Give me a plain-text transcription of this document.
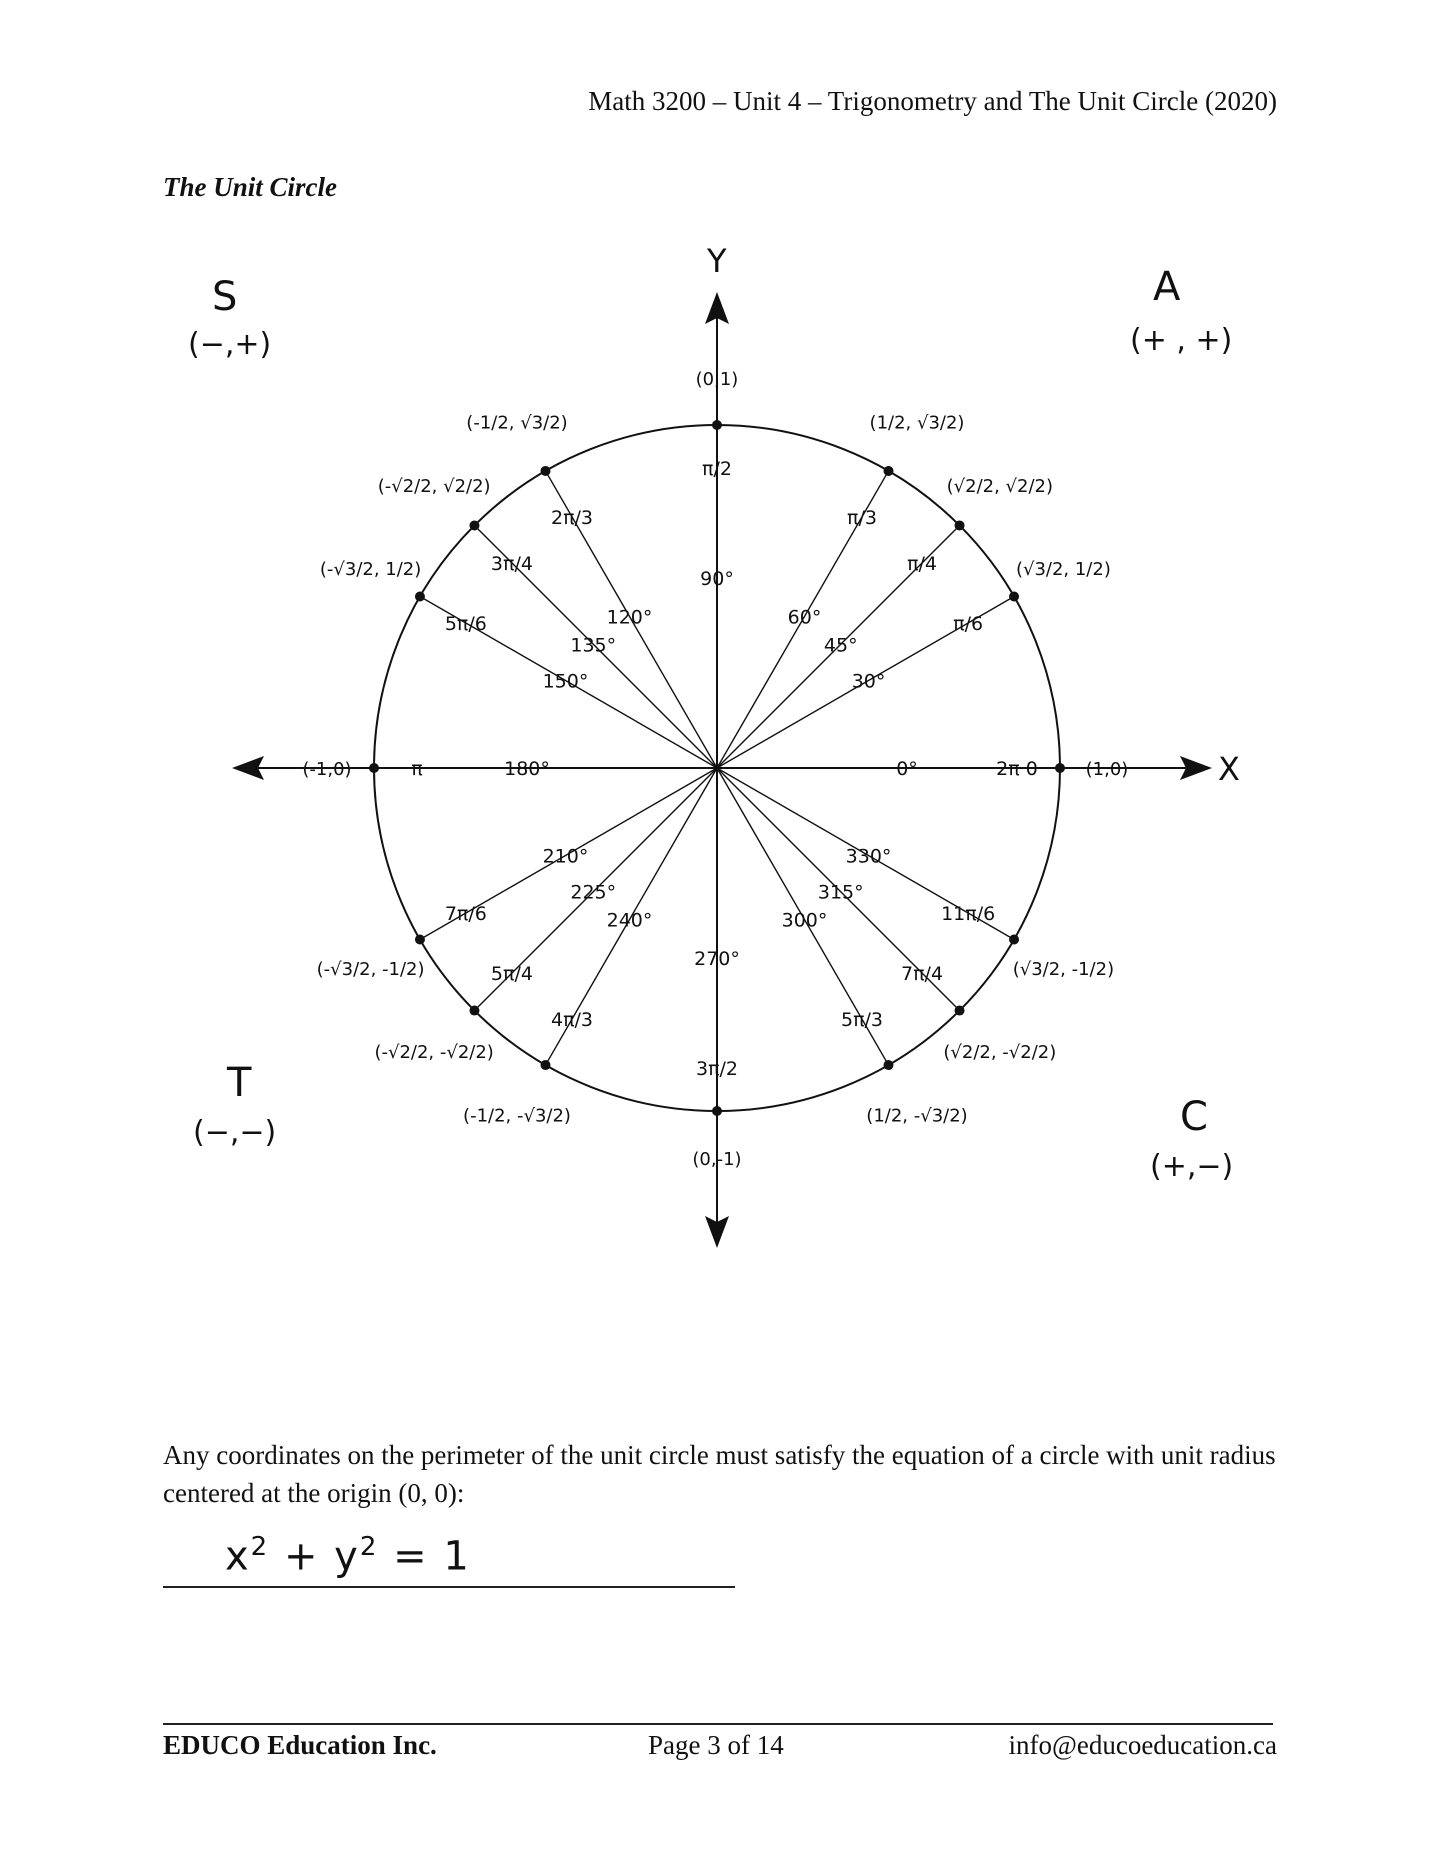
Math 3200 – Unit 4 – Trigonometry and The Unit Circle (2020)
The Unit Circle
X
Y
S
(−,+)
A
(+ , +)
T
(−,−)	C
(+,−)
0°	2π 0	(1,0)
30°
π/6
(√3/2, 1/2)
45°
π/4
(√2/2, √2/2)
60°
π/3
(1/2, √3/2)
90°
π/2
(0,1)
120°
2π/3
(-1/2, √3/2)
135°
3π/4
(-√2/2, √2/2)
150°
5π/6
(-√3/2, 1/2)
180°
π
(-1,0)
210°
7π/6
(-√3/2, -1/2)
225°
5π/4
(-√2/2, -√2/2)
240°
4π/3
(-1/2, -√3/2)
270°
3π/2
(0,-1)
300°
5π/3
(1/2, -√3/2)
315°
7π/4
(√2/2, -√2/2)
330°
11π/6
(√3/2, -1/2)
Any coordinates on the perimeter of the unit circle must satisfy the equation of a circle with unit radius centered at the origin (0, 0):
$x^2 + y^2 = 1$
EDUCO Education Inc.	Page 3 of 14	info@educoeducation.ca
